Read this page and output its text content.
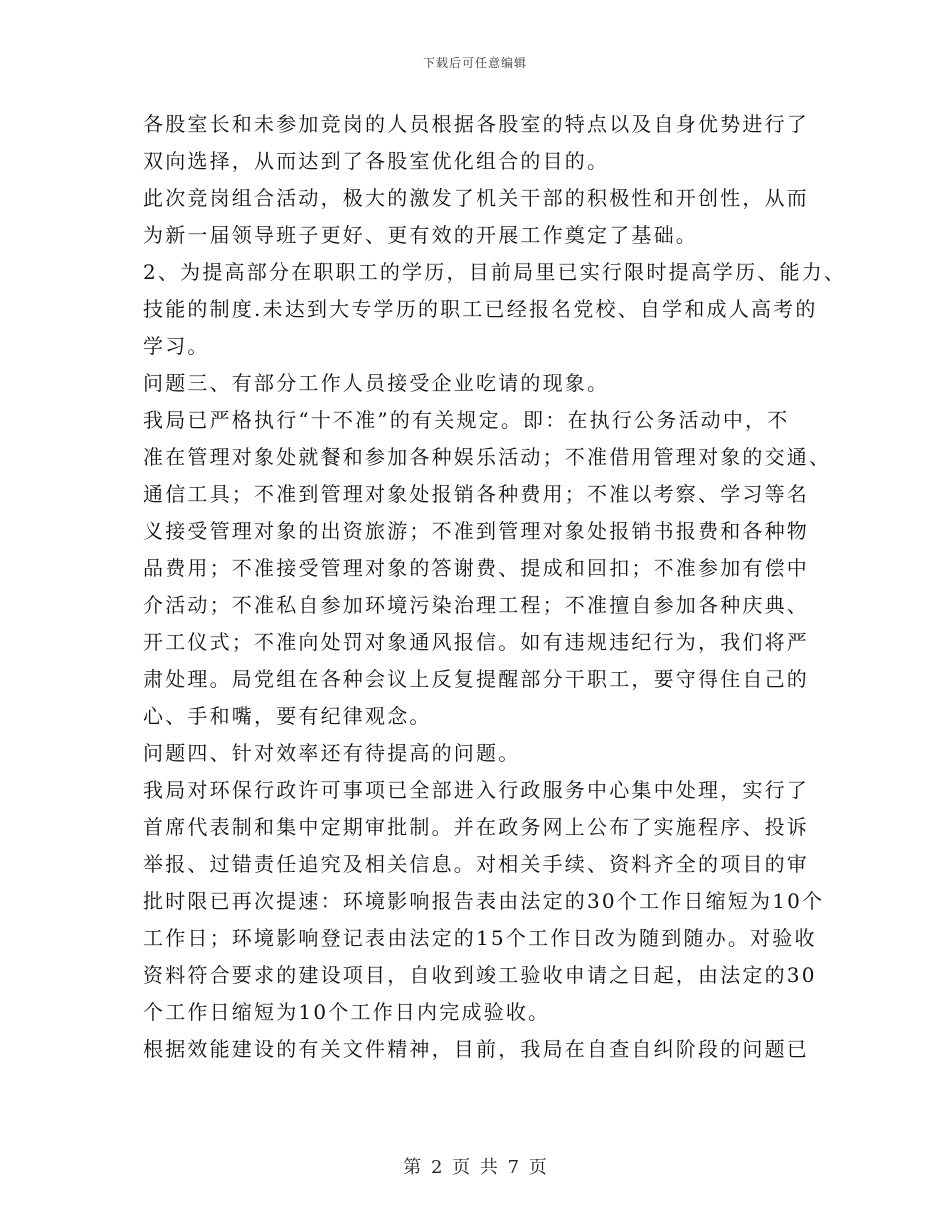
下载后可任意编辑
各股室长和未参加竞岗的人员根据各股室的特点以及自身优势进行了
双向选择，从而达到了各股室优化组合的目的。
此次竞岗组合活动，极大的激发了机关干部的积极性和开创性，从而
为新一届领导班子更好、更有效的开展工作奠定了基础。
2、为提高部分在职职工的学历，目前局里已实行限时提高学历、能力、
技能的制度.未达到大专学历的职工已经报名党校、自学和成人高考的
学习。
问题三、有部分工作人员接受企业吃请的现象。
我局已严格执行“十不准”的有关规定。即：在执行公务活动中，不
准在管理对象处就餐和参加各种娱乐活动；不准借用管理对象的交通、
通信工具；不准到管理对象处报销各种费用；不准以考察、学习等名
义接受管理对象的出资旅游；不准到管理对象处报销书报费和各种物
品费用；不准接受管理对象的答谢费、提成和回扣；不准参加有偿中
介活动；不准私自参加环境污染治理工程；不准擅自参加各种庆典、
开工仪式；不准向处罚对象通风报信。如有违规违纪行为，我们将严
肃处理。局党组在各种会议上反复提醒部分干职工，要守得住自己的
心、手和嘴，要有纪律观念。
问题四、针对效率还有待提高的问题。
我局对环保行政许可事项已全部进入行政服务中心集中处理，实行了
首席代表制和集中定期审批制。并在政务网上公布了实施程序、投诉
举报、过错责任追究及相关信息。对相关手续、资料齐全的项目的审
批时限已再次提速：环境影响报告表由法定的30个工作日缩短为10个
工作日；环境影响登记表由法定的15个工作日改为随到随办。对验收
资料符合要求的建设项目，自收到竣工验收申请之日起，由法定的30
个工作日缩短为10个工作日内完成验收。
根据效能建设的有关文件精神，目前，我局在自查自纠阶段的问题已
第 2 页 共 7 页
